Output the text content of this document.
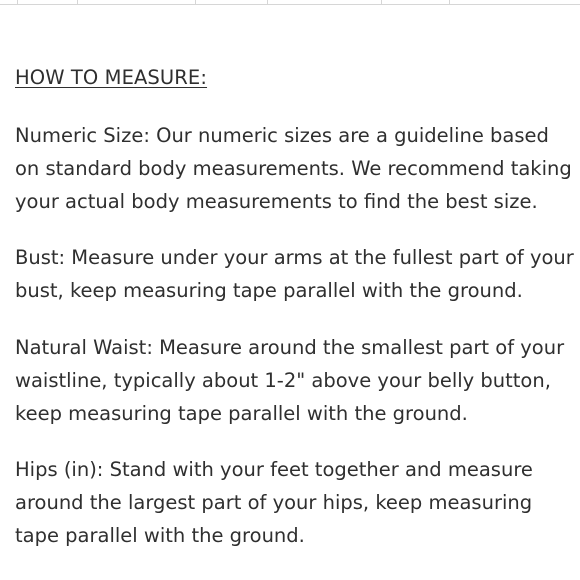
HOW TO MEASURE:
Numeric Size: Our numeric sizes are a guideline based
on standard body measurements. We recommend taking
your actual body measurements to find the best size.
Bust: Measure under your arms at the fullest part of your
bust, keep measuring tape parallel with the ground.
Natural Waist: Measure around the smallest part of your
waistline, typically about 1-2" above your belly button,
keep measuring tape parallel with the ground.
Hips (in): Stand with your feet together and measure
around the largest part of your hips, keep measuring
tape parallel with the ground.
